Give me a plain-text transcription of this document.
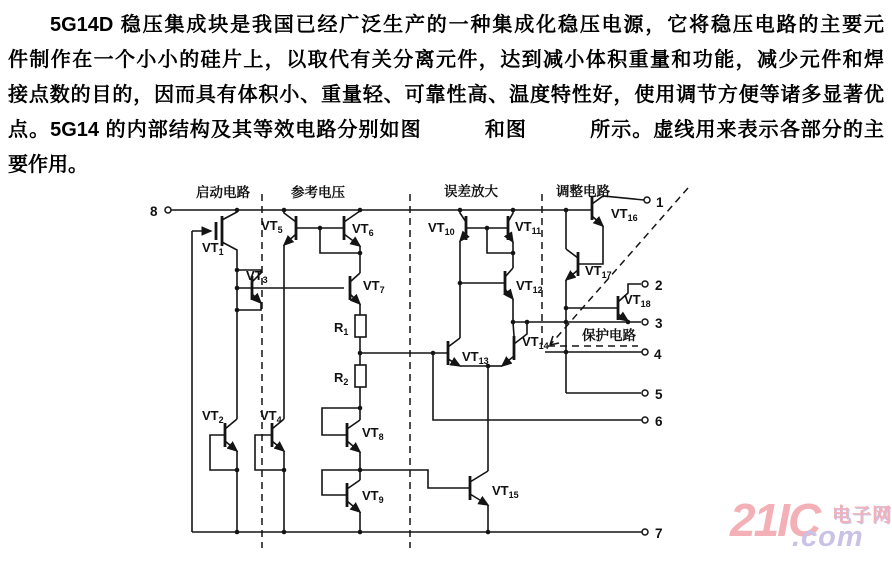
5G14D 稳压集成块是我国已经广泛生产的一种集成化稳压电源，它将稳压电路的主要元
件制作在一个小小的硅片上，以取代有关分离元件，达到减小体积重量和功能，减少元件和焊
接点数的目的，因而具有体积小、重量轻、可靠性高、温度特性好，使用调节方便等诸多显著优
点。5G14 的内部结构及其等效电路分别如图　　　和图　　　所示。虚线用来表示各部分的主
要作用。
8
1
2
3
4
5
6
7
$R_1$
$R_2$
$VT_1$
$VT_2$
$VT_3$
$VT_4$
$VT_5$	$VT_6$
$VT_7$
$VT_8$
$VT_9$
$VT_{10}$	$VT_{11}$
$VT_{12}$
$VT_{13}$
$VT_{14}$
$VT_{15}$
$VT_{16}$
$VT_{17}$
$VT_{18}$
启动电路	参考电压	误差放大	调整电路
保护电路
21IC 电子网
.com
